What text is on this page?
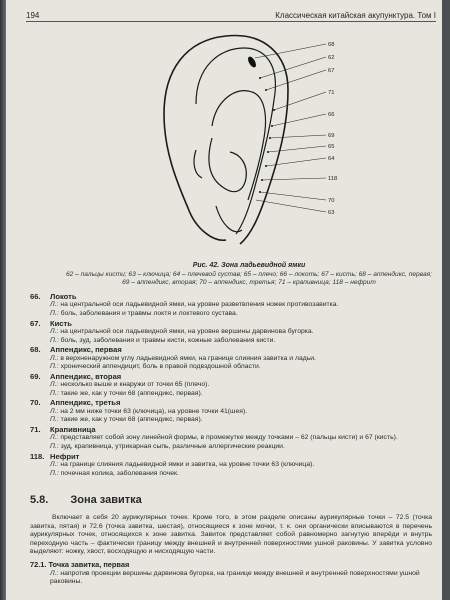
194	Классическая китайская акупунктура. Том I
68
62
67
71
66
69
65
64
118
70
63
Рис. 42. Зона ладьевидной ямки
62 – пальцы кисти; 63 – ключица; 64 – плечевой сустав; 65 – плечо; 66 – локоть; 67 – кисть; 68 – аппендикс, первая; 69 – аппендикс, вторая; 70 – аппендикс, третья; 71 – крапивница; 118 – нефрит
66. Локоть
Л.: на центральной оси ладьевидной ямки, на уровне разветвления ножек противозавитка.
П.: боль, заболевания и травмы локтя и локтевого сустава.
67. Кисть
Л.: на центральной оси ладьевидной ямки, на уровне вершины дарвинова бугорка.
П.: боль, зуд, заболевания и травмы кисти, кожные заболевания кисти.
68. Аппендикс, первая
Л.: в верхненаружном углу ладьевидной ямки, на границе слияния завитка и ладьи.
П.: хронический аппендицит, боль в правой подвздошной области.
69. Аппендикс, вторая
Л.: несколько выше и кнаружи от точки 65 (плечо).
П.: такие же, как у точки 68 (аппендикс, первая).
70. Аппендикс, третья
Л.: на 2 мм ниже точки 63 (ключица), на уровне точки 41(шея).
П.: такие же, как у точки 68 (аппендикс, первая).
71. Крапивница
Л.: представляет собой зону линейной формы, в промежутке между точками – 62 (пальцы кисти) и 67 (кисть).
П.: зуд, крапивница, утрикарная сыпь, различные аллергические реакции.
118. Нефрит
Л.: на границе слияния ладьевидной ямки и завитка, на уровне точки 63 (ключица).
П.: почечная колика, заболевания почек.
5.8. Зона завитка
Включает в себя 20 аурикулярных точек. Кроме того, в этом разделе описаны аурикулярные точки – 72.5 (точка завитка, пятая) и 72.6 (точка завитка, шестая), относящиеся к зоне мочки, т. к. они органически вписываются в перечень аурикулярных точек, относящихся к зоне завитка. Завиток представляет собой равномерно загнутую вперёди и внутрь переходную часть – фактически границу между внешней и внутренней поверхностями ушной раковины. У завитка условно выделяют: ножку, хвост, восходящую и нисходящую части.
72.1. Точка завитка, первая
Л.: напротив проекции вершины дарвинова бугорка, на границе между внешней и внутренней поверхностями ушной раковины.
